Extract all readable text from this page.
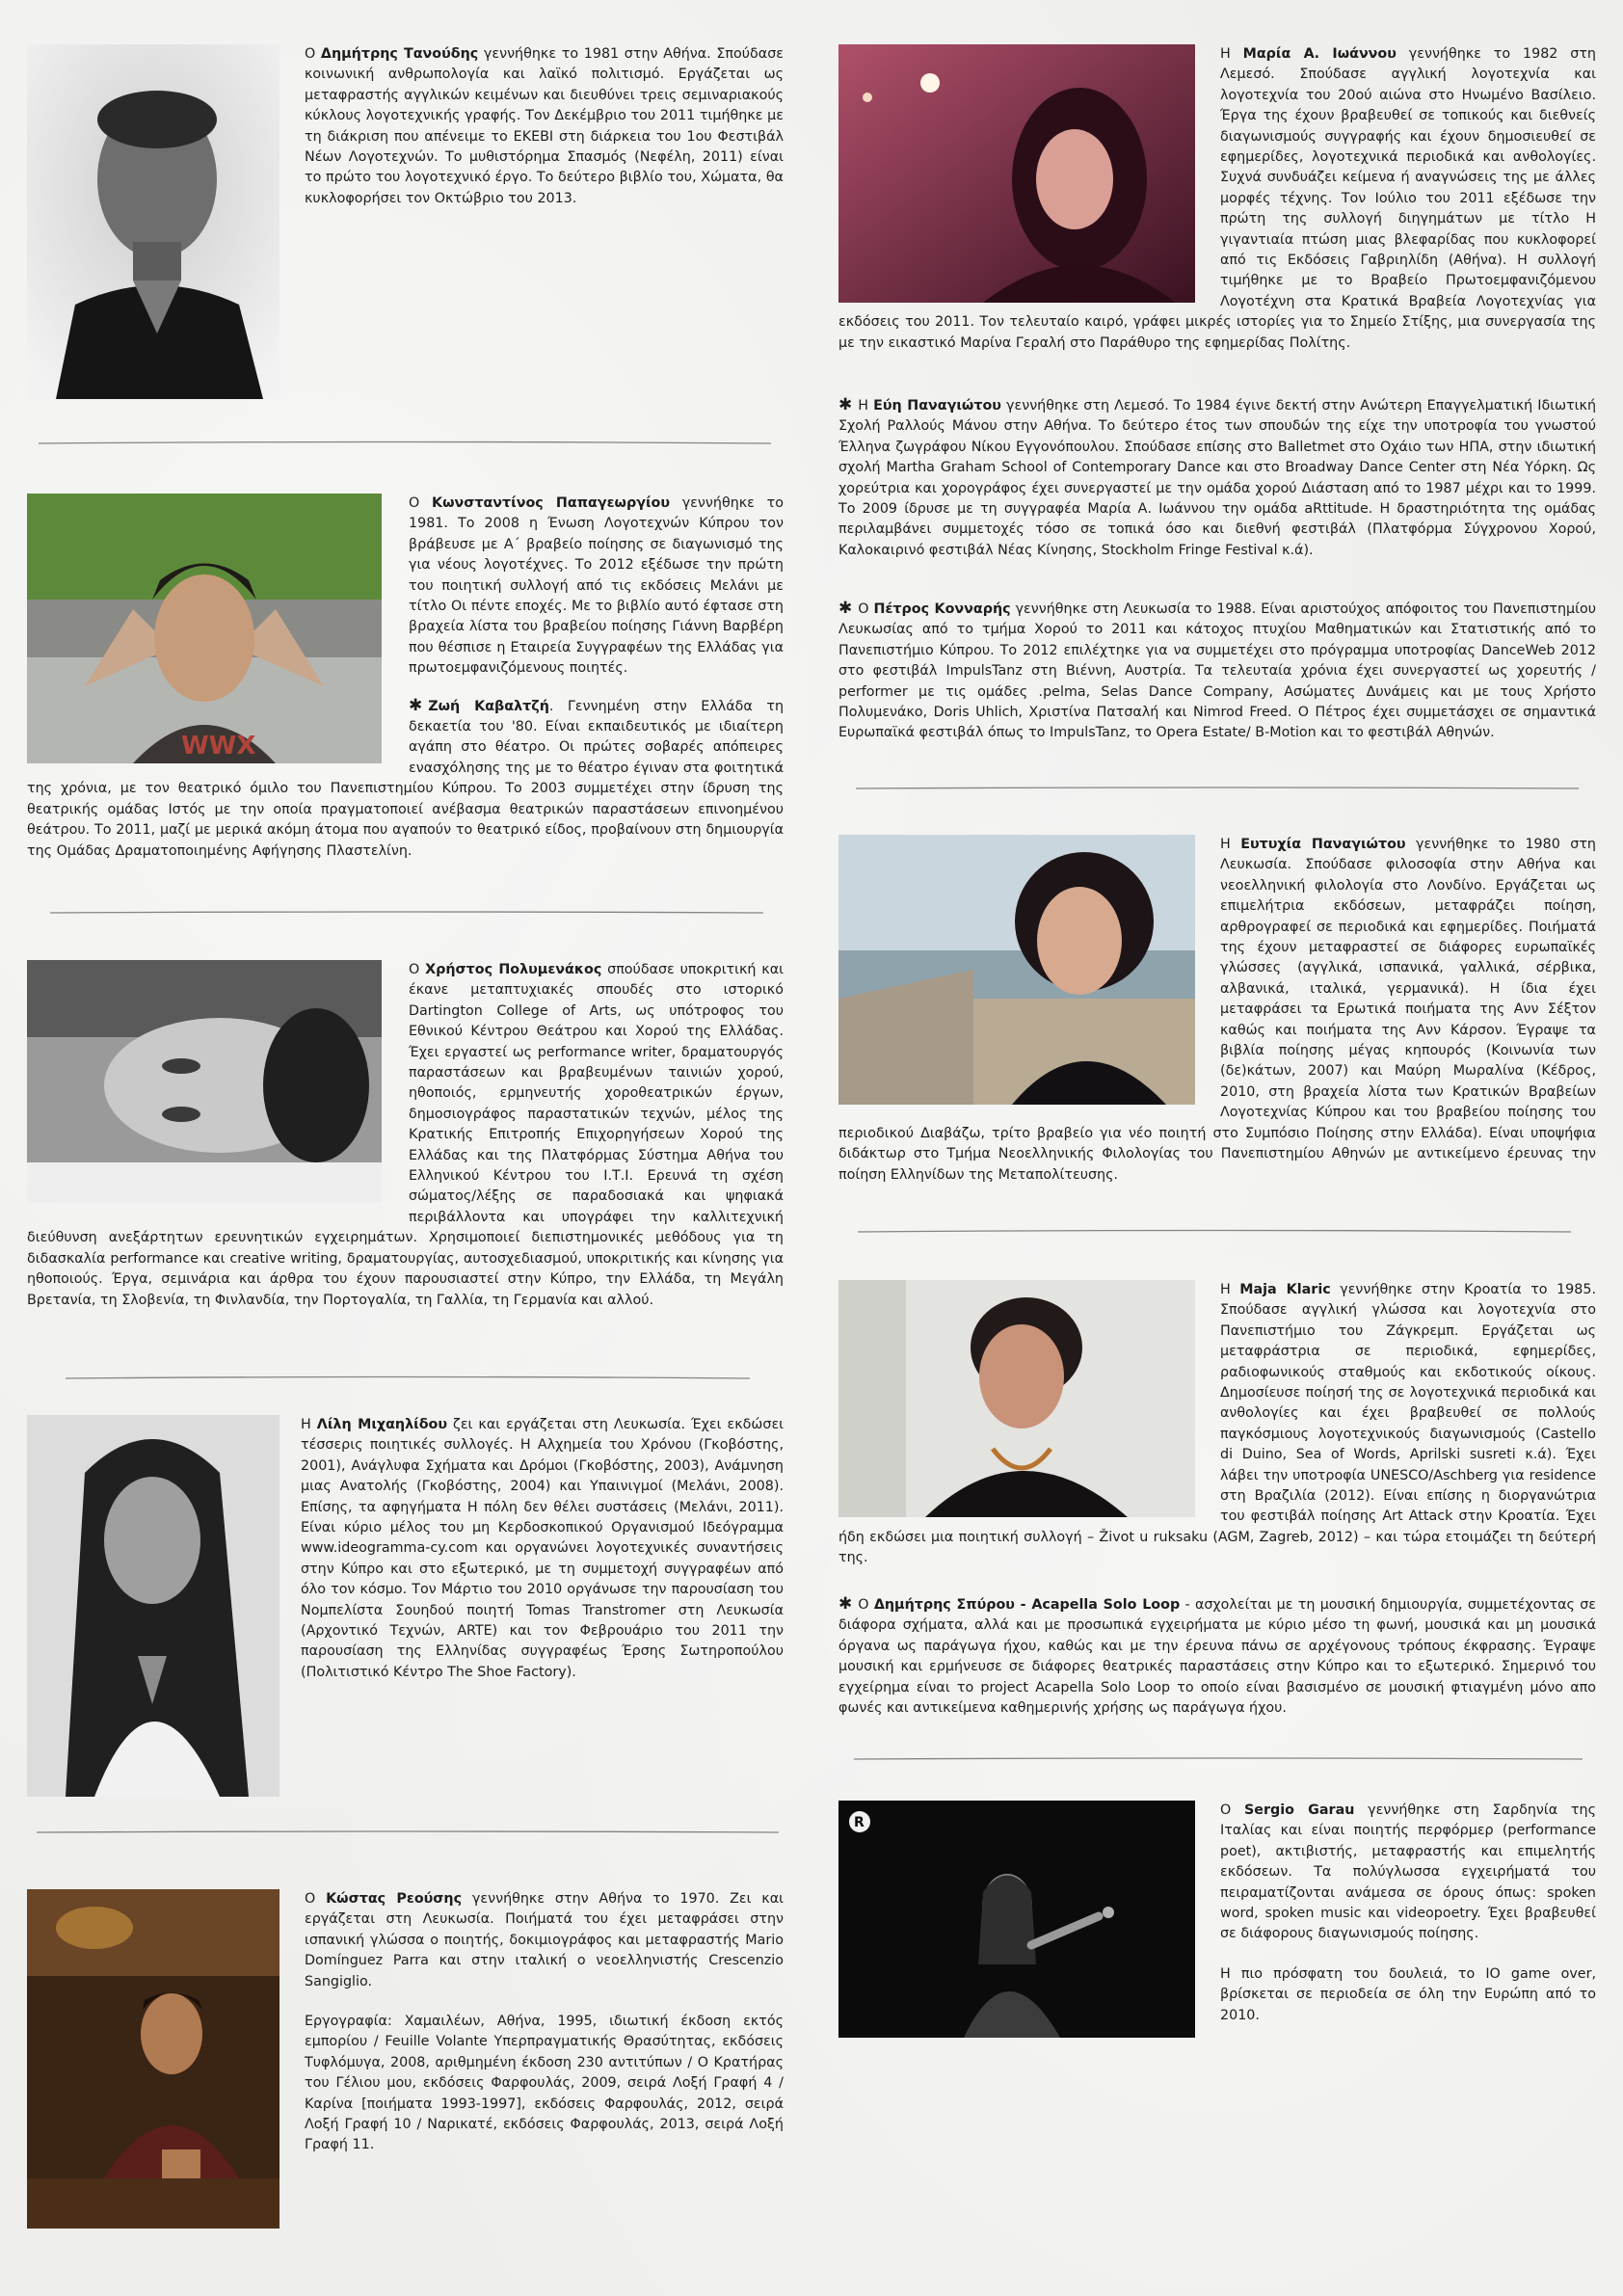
Ο Δημήτρης Τανούδης γεννήθηκε το 1981 στην Αθήνα. Σπούδασε κοινωνική ανθρωπολογία και λαϊκό πολιτισμό. Εργάζεται ως μεταφραστής αγγλικών κειμένων και διευθύνει τρεις σεμιναριακούς κύκλους λογοτεχνικής γραφής. Τον Δεκέμβριο του 2011 τιμήθηκε με τη διάκριση που απένειμε το ΕΚΕΒΙ στη διάρκεια του 1ου Φεστιβάλ Νέων Λογοτεχνών. Το μυθιστόρημα Σπασμός (Νεφέλη, 2011) είναι το πρώτο του λογοτεχνικό έργο. Το δεύτερο βιβλίο του, Χώματα, θα κυκλοφορήσει τον Οκτώβριο του 2013.

WWX

Ο Κωνσταντίνος Παπαγεωργίου γεννήθηκε το 1981. Το 2008 η Ένωση Λογοτεχνών Κύπρου τον βράβευσε με Α΄ βραβείο ποίησης σε διαγωνισμό της για νέους λογοτέχνες. Το 2012 εξέδωσε την πρώτη του ποιητική συλλογή από τις εκδόσεις Μελάνι με τίτλο Οι πέντε εποχές. Με το βιβλίο αυτό έφτασε στη βραχεία λίστα του βραβείου ποίησης Γιάννη Βαρβέρη που θέσπισε η Εταιρεία Συγγραφέων της Ελλάδας για πρωτοεμφανιζόμενους ποιητές.

✱ Ζωή Καβαλτζή. Γεννημένη στην Ελλάδα τη δεκαετία του '80. Είναι εκπαιδευτικός με ιδιαίτερη αγάπη στο θέατρο. Οι πρώτες σοβαρές απόπειρες ενασχόλησης της με το θέατρο έγιναν στα φοιτητικά της χρόνια, με τον θεατρικό όμιλο του Πανεπιστημίου Κύπρου. Το 2003 συμμετέχει στην ίδρυση της θεατρικής ομάδας Ιστός με την οποία πραγματοποιεί ανέβασμα θεατρικών παραστάσεων επινοημένου θεάτρου. Το 2011, μαζί με μερικά ακόμη άτομα που αγαπούν το θεατρικό είδος, προβαίνουν στη δημιουργία της Ομάδας Δραματοποιημένης Αφήγησης Πλαστελίνη.

Ο Χρήστος Πολυμενάκος σπούδασε υποκριτική και έκανε μεταπτυχιακές σπουδές στο ιστορικό Dartington College of Arts, ως υπότροφος του Εθνικού Κέντρου Θεάτρου και Χορού της Ελλάδας. Έχει εργαστεί ως performance writer, δραματουργός παραστάσεων και βραβευμένων ταινιών χορού, ηθοποιός, ερμηνευτής χοροθεατρικών έργων, δημοσιογράφος παραστατικών τεχνών, μέλος της Κρατικής Επιτροπής Επιχορηγήσεων Χορού της Ελλάδας και της Πλατφόρμας Σύστημα Αθήνα του Ελληνικού Κέντρου του Ι.Τ.Ι. Ερευνά τη σχέση σώματος/λέξης σε παραδοσιακά και ψηφιακά περιβάλλοντα και υπογράφει την καλλιτεχνική διεύθυνση ανεξάρτητων ερευνητικών εγχειρημάτων. Χρησιμοποιεί διεπιστημονικές μεθόδους για τη διδασκαλία performance και creative writing, δραματουργίας, αυτοσχεδιασμού, υποκριτικής και κίνησης για ηθοποιούς. Έργα, σεμινάρια και άρθρα του έχουν παρουσιαστεί στην Κύπρο, την Ελλάδα, τη Μεγάλη Βρετανία, τη Σλοβενία, τη Φινλανδία, την Πορτογαλία, τη Γαλλία, τη Γερμανία και αλλού.

Η Λίλη Μιχαηλίδου ζει και εργάζεται στη Λευκωσία. Έχει εκδώσει τέσσερις ποιητικές συλλογές. Η Αλχημεία του Χρόνου (Γκοβόστης, 2001), Ανάγλυφα Σχήματα και Δρόμοι (Γκοβόστης, 2003), Ανάμνηση μιας Ανατολής (Γκοβόστης, 2004) και Υπαινιγμοί (Μελάνι, 2008). Επίσης, τα αφηγήματα Η πόλη δεν θέλει συστάσεις (Μελάνι, 2011). Είναι κύριο μέλος του μη Κερδοσκοπικού Οργανισμού Ιδεόγραμμα www.ideogramma-cy.com και οργανώνει λογοτεχνικές συναντήσεις στην Κύπρο και στο εξωτερικό, με τη συμμετοχή συγγραφέων από όλο τον κόσμο. Τον Μάρτιο του 2010 οργάνωσε την παρουσίαση του Νομπελίστα Σουηδού ποιητή Tomas Transtromer στη Λευκωσία (Αρχοντικό Τεχνών, ARTE) και τον Φεβρουάριο του 2011 την παρουσίαση της Ελληνίδας συγγραφέως Έρσης Σωτηροπούλου (Πολιτιστικό Κέντρο The Shoe Factory).

Ο Κώστας Ρεούσης γεννήθηκε στην Αθήνα το 1970. Ζει και εργάζεται στη Λευκωσία. Ποιήματά του έχει μεταφράσει στην ισπανική γλώσσα ο ποιητής, δοκιμιογράφος και μεταφραστής Mario Domínguez Parra και στην ιταλική ο νεοελληνιστής Crescenzio Sangiglio.

Εργογραφία: Χαμαιλέων, Αθήνα, 1995, ιδιωτική έκδοση εκτός εμπορίου / Feuille Volante Υπερπραγματικής Θρασύτητας, εκδόσεις Τυφλόμυγα, 2008, αριθμημένη έκδοση 230 αντιτύπων / Ο Κρατήρας του Γέλιου μου, εκδόσεις Φαρφουλάς, 2009, σειρά Λοξή Γραφή 4 / Καρίνα [ποιήματα 1993-1997], εκδόσεις Φαρφουλάς, 2012, σειρά Λοξή Γραφή 10 / Ναρικατέ, εκδόσεις Φαρφουλάς, 2013, σειρά Λοξή Γραφή 11.

Η Μαρία Α. Ιωάννου γεννήθηκε το 1982 στη Λεμεσό. Σπούδασε αγγλική λογοτεχνία και λογοτεχνία του 20ού αιώνα στο Ηνωμένο Βασίλειο. Έργα της έχουν βραβευθεί σε τοπικούς και διεθνείς διαγωνισμούς συγγραφής και έχουν δημοσιευθεί σε εφημερίδες, λογοτεχνικά περιοδικά και ανθολογίες. Συχνά συνδυάζει κείμενα ή αναγνώσεις της με άλλες μορφές τέχνης. Τον Ιούλιο του 2011 εξέδωσε την πρώτη της συλλογή διηγημάτων με τίτλο Η γιγαντιαία πτώση μιας βλεφαρίδας που κυκλοφορεί από τις Εκδόσεις Γαβριηλίδη (Αθήνα). Η συλλογή τιμήθηκε με το Βραβείο Πρωτοεμφανιζόμενου Λογοτέχνη στα Κρατικά Βραβεία Λογοτεχνίας για εκδόσεις του 2011. Τον τελευταίο καιρό, γράφει μικρές ιστορίες για το Σημείο Στίξης, μια συνεργασία της με την εικαστικό Μαρίνα Γεραλή στο Παράθυρο της εφημερίδας Πολίτης.

✱ Η Εύη Παναγιώτου γεννήθηκε στη Λεμεσό. Το 1984 έγινε δεκτή στην Ανώτερη Επαγγελματική Ιδιωτική Σχολή Ραλλούς Μάνου στην Αθήνα. Το δεύτερο έτος των σπουδών της είχε την υποτροφία του γνωστού Έλληνα ζωγράφου Νίκου Εγγονόπουλου. Σπούδασε επίσης στο Balletmet στο Οχάιο των ΗΠΑ, στην ιδιωτική σχολή Martha Graham School of Contemporary Dance και στο Broadway Dance Center στη Νέα Υόρκη. Ως χορεύτρια και χορογράφος έχει συνεργαστεί με την ομάδα χορού Διάσταση από το 1987 μέχρι και το 1999. Το 2009 ίδρυσε με τη συγγραφέα Μαρία Α. Ιωάννου την ομάδα aRttitude. Η δραστηριότητα της ομάδας περιλαμβάνει συμμετοχές τόσο σε τοπικά όσο και διεθνή φεστιβάλ (Πλατφόρμα Σύγχρονου Χορού, Καλοκαιρινό φεστιβάλ Νέας Κίνησης, Stockholm Fringe Festival κ.ά).

✱ Ο Πέτρος Κονναρής γεννήθηκε στη Λευκωσία το 1988. Είναι αριστούχος απόφοιτος του Πανεπιστημίου Λευκωσίας από το τμήμα Χορού το 2011 και κάτοχος πτυχίου Μαθηματικών και Στατιστικής από το Πανεπιστήμιο Κύπρου. Το 2012 επιλέχτηκε για να συμμετέχει στο πρόγραμμα υποτροφίας DanceWeb 2012 στο φεστιβάλ ImpulsTanz στη Βιέννη, Αυστρία. Τα τελευταία χρόνια έχει συνεργαστεί ως χορευτής / performer με τις ομάδες .pelma, Selas Dance Company, Ασώματες Δυνάμεις και με τους Χρήστο Πολυμενάκο, Doris Uhlich, Χριστίνα Πατσαλή και Nimrod Freed. Ο Πέτρος έχει συμμετάσχει σε σημαντικά Ευρωπαϊκά φεστιβάλ όπως το ImpulsTanz, το Opera Estate/ B-Motion και το φεστιβάλ Αθηνών.

Η Ευτυχία Παναγιώτου γεννήθηκε το 1980 στη Λευκωσία. Σπούδασε φιλοσοφία στην Αθήνα και νεοελληνική φιλολογία στο Λονδίνο. Εργάζεται ως επιμελήτρια εκδόσεων, μεταφράζει ποίηση, αρθρογραφεί σε περιοδικά και εφημερίδες. Ποιήματά της έχουν μεταφραστεί σε διάφορες ευρωπαϊκές γλώσσες (αγγλικά, ισπανικά, γαλλικά, σέρβικα, αλβανικά, ιταλικά, γερμανικά). Η ίδια έχει μεταφράσει τα Ερωτικά ποιήματα της Ανν Σέξτον καθώς και ποιήματα της Ανν Κάρσον. Έγραψε τα βιβλία ποίησης μέγας κηπουρός (Κοινωνία των (δε)κάτων, 2007) και Μαύρη Μωραλίνα (Κέδρος, 2010, στη βραχεία λίστα των Κρατικών Βραβείων Λογοτεχνίας Κύπρου και του βραβείου ποίησης του περιοδικού Διαβάζω, τρίτο βραβείο για νέο ποιητή στο Συμπόσιο Ποίησης στην Ελλάδα). Είναι υποψήφια διδάκτωρ στο Τμήμα Νεοελληνικής Φιλολογίας του Πανεπιστημίου Αθηνών με αντικείμενο έρευνας την ποίηση Ελληνίδων της Μεταπολίτευσης.

Η Maja Klaric γεννήθηκε στην Κροατία το 1985. Σπούδασε αγγλική γλώσσα και λογοτεχνία στο Πανεπιστήμιο του Ζάγκρεμπ. Εργάζεται ως μεταφράστρια σε περιοδικά, εφημερίδες, ραδιοφωνικούς σταθμούς και εκδοτικούς οίκους. Δημοσίευσε ποίησή της σε λογοτεχνικά περιοδικά και ανθολογίες και έχει βραβευθεί σε πολλούς παγκόσμιους λογοτεχνικούς διαγωνισμούς (Castello di Duino, Sea of Words, Aprilski susreti κ.ά). Έχει λάβει την υποτροφία UNESCO/Aschberg για residence στη Βραζιλία (2012). Είναι επίσης η διοργανώτρια του φεστιβάλ ποίησης Art Attack στην Κροατία. Έχει ήδη εκδώσει μια ποιητική συλλογή – Život u ruksaku (AGM, Zagreb, 2012) – και τώρα ετοιμάζει τη δεύτερή της.

✱ Ο Δημήτρης Σπύρου - Acapella Solo Loop - ασχολείται με τη μουσική δημιουργία, συμμετέχοντας σε διάφορα σχήματα, αλλά και με προσωπικά εγχειρήματα με κύριο μέσο τη φωνή, μουσικά και μη μουσικά όργανα ως παράγωγα ήχου, καθώς και με την έρευνα πάνω σε αρχέγονους τρόπους έκφρασης. Έγραψε μουσική και ερμήνευσε σε διάφορες θεατρικές παραστάσεις στην Κύπρο και το εξωτερικό. Σημερινό του εγχείρημα είναι το project Acapella Solo Loop το οποίο είναι βασισμένο σε μουσική φτιαγμένη μόνο απο φωνές και αντικείμενα καθημερινής χρήσης ως παράγωγα ήχου.

R

Ο Sergio Garau γεννήθηκε στη Σαρδηνία της Ιταλίας και είναι ποιητής περφόρμερ (performance poet), ακτιβιστής, μεταφραστής και επιμελητής εκδόσεων. Τα πολύγλωσσα εγχειρήματά του πειραματίζονται ανάμεσα σε όρους όπως: spoken word, spoken music και videopoetry. Έχει βραβευθεί σε διάφορους διαγωνισμούς ποίησης.

Η πιο πρόσφατη του δουλειά, το IO game over, βρίσκεται σε περιοδεία σε όλη την Ευρώπη από το 2010.
